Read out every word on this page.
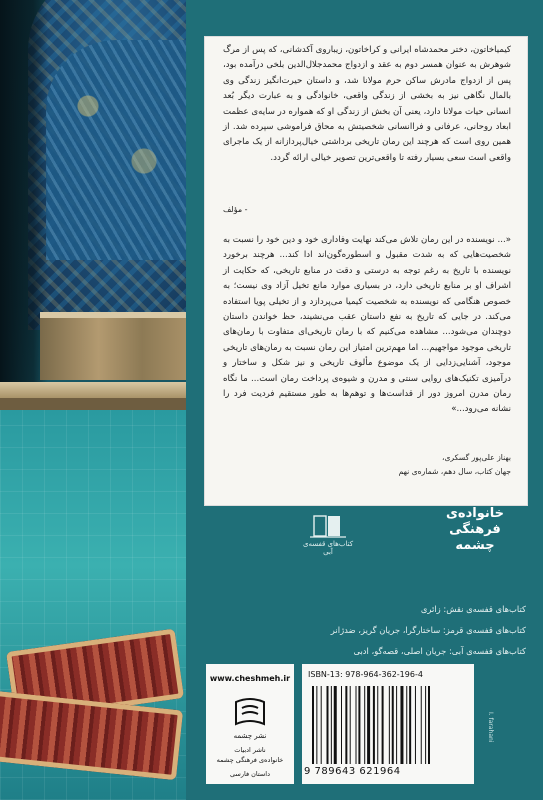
کیمیاخاتون، دختر محمدشاه ایرانی و کراخاتون، زیباروی آکدشانی، که پس از مرگ شوهرش به عنوان همسر دوم به عقد و ازدواج محمدجلال‌الدین بلخی درآمده بود، پس از ازدواج مادرش ساکن حرم مولانا شد، و داستان حیرت‌انگیز زندگی وی بالمال نگاهی نیز به بخشی از زندگی واقعی، خانوادگی و به عبارت دیگر بُعد انسانی حیات مولانا دارد، یعنی آن بخش از زندگی او که همواره در سایه‌ی عظمت ابعاد روحانی، عرفانی و فراانسانی شخصیتش به محاق فراموشی سپرده شد. از همین روی است که هرچند این رمان تاریخی برداشتی خیال‌پردازانه از یک ماجرای واقعی است سعی بسیار رفته تا واقعی‌ترین تصویر خیالی ارائه گردد.

- مؤلف

«... نویسنده در این رمان تلاش می‌کند نهایت وفاداری خود و دین خود را نسبت به شخصیت‌هایی که به شدت مقبول و اسطوره‌گون‌اند ادا کند... هرچند برخورد نویسنده با تاریخ به رغم توجه به درستی و دقت در منابع تاریخی، که حکایت از اشراف او بر منابع تاریخی دارد، در بسیاری موارد مانع تخیل آزاد وی نیست؛ به خصوص هنگامی که نویسنده به شخصیت کیمیا می‌پردازد و از تخیلی پویا استفاده می‌کند. در جایی که تاریخ به نفع داستان عقب می‌نشیند، حظ خواندن داستان دوچندان می‌شود... مشاهده می‌کنیم که با رمان تاریخی‌ای متفاوت با رمان‌های تاریخی موجود مواجهیم... اما مهم‌ترین امتیاز این رمان نسبت به رمان‌های تاریخی موجود، آشنایی‌زدایی از یک موضوع مألوف تاریخی و نیز شکل و ساختار و درآمیزی تکنیک‌های روایی سنتی و مدرن و شیوه‌ی پرداخت رمان است... ما نگاه رمان مدرن امروز دور از قداست‌ها و توهم‌ها به طور مستقیم فردیت فرد را نشانه می‌رود...»

بهناز علی‌پور گسکری،
جهان کتاب، سال دهم، شماره‌ی نهم
کتاب‌های قفسه‌ی آبی
خانواده‌ی فرهنگی چشمه
کتاب‌های قفسه‌ی نقش: زائری
کتاب‌های قفسه‌ی قرمز: ساختارگرا، جریان گریز، ضدژانر
کتاب‌های قفسه‌ی آبی: جریان اصلی، قصه‌گو، ادبی
www.cheshmeh.ir
نشر چشمه
ناشر ادبیات
خانواده‌ی فرهنگی چشمه
داستان فارسی
ISBN-13: 978-964-362-196-4
9 789643 621964
I. farahani
